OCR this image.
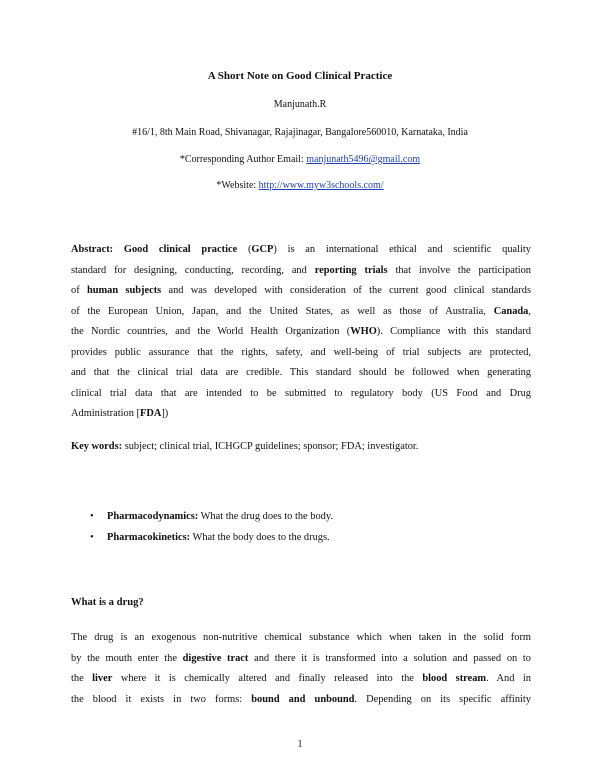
A Short Note on Good Clinical Practice
Manjunath.R
#16/1, 8th Main Road, Shivanagar, Rajajinagar, Bangalore560010, Karnataka, India
*Corresponding Author Email: manjunath5496@gmail.com
*Website: http://www.myw3schools.com/
Abstract: Good clinical practice (GCP) is an international ethical and scientific quality
standard for designing, conducting, recording, and reporting trials that involve the participation
of human subjects and was developed with consideration of the current good clinical standards
of the European Union, Japan, and the United States, as well as those of Australia, Canada,
the Nordic countries, and the World Health Organization (WHO). Compliance with this standard
provides public assurance that the rights, safety, and well-being of trial subjects are protected,
and that the clinical trial data are credible. This standard should be followed when generating
clinical trial data that are intended to be submitted to regulatory body (US Food and Drug
Administration [FDA])
Key words: subject; clinical trial, ICHGCP guidelines; sponsor; FDA; investigator.
• Pharmacodynamics: What the drug does to the body.
• Pharmacokinetics: What the body does to the drugs.
What is a drug?
The drug is an exogenous non-nutritive chemical substance which when taken in the solid form
by the mouth enter the digestive tract and there it is transformed into a solution and passed on to
the liver where it is chemically altered and finally released into the blood stream. And in
the blood it exists in two forms: bound and unbound. Depending on its specific affinity
1
